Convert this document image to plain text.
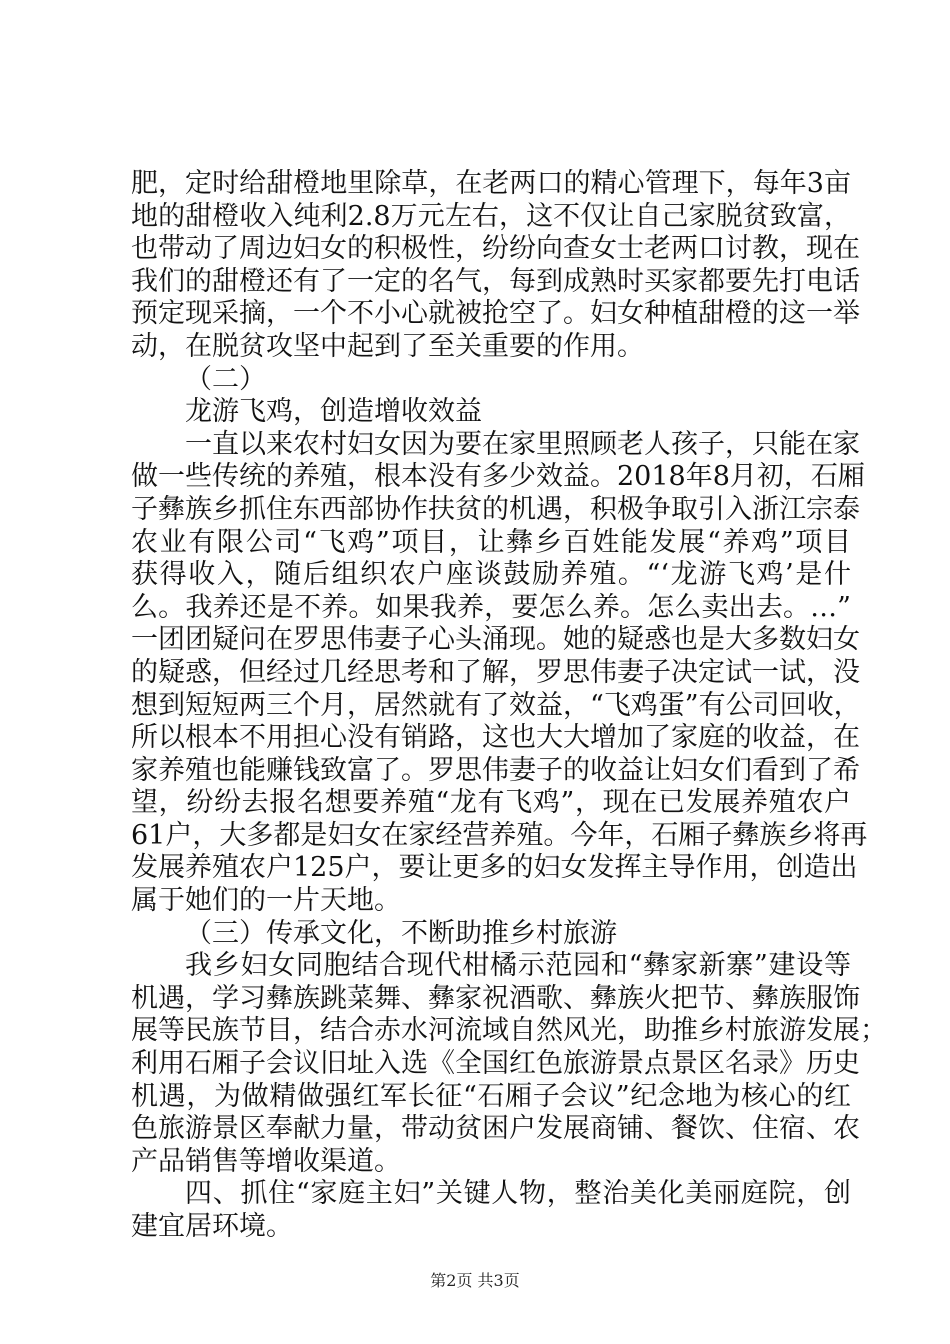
肥，定时给甜橙地里除草，在老两口的精心管理下，每年3亩
地的甜橙收入纯利2.8万元左右，这不仅让自己家脱贫致富，
也带动了周边妇女的积极性，纷纷向查女士老两口讨教，现在
我们的甜橙还有了一定的名气，每到成熟时买家都要先打电话
预定现采摘，一个不小心就被抢空了。妇女种植甜橙的这一举
动，在脱贫攻坚中起到了至关重要的作用。
（二）
龙游飞鸡，创造增收效益
一直以来农村妇女因为要在家里照顾老人孩子，只能在家
做一些传统的养殖，根本没有多少效益。2018年8月初，石厢
子彝族乡抓住东西部协作扶贫的机遇，积极争取引入浙江宗泰
农业有限公司“飞鸡”项目，让彝乡百姓能发展“养鸡”项目
获得收入，随后组织农户座谈鼓励养殖。“‘龙游飞鸡’是什
么。我养还是不养。如果我养，要怎么养。怎么卖出去。…”
一团团疑问在罗思伟妻子心头涌现。她的疑惑也是大多数妇女
的疑惑，但经过几经思考和了解，罗思伟妻子决定试一试，没
想到短短两三个月，居然就有了效益，“飞鸡蛋”有公司回收，
所以根本不用担心没有销路，这也大大增加了家庭的收益，在
家养殖也能赚钱致富了。罗思伟妻子的收益让妇女们看到了希
望，纷纷去报名想要养殖“龙有飞鸡”，现在已发展养殖农户
61户，大多都是妇女在家经营养殖。今年，石厢子彝族乡将再
发展养殖农户125户，要让更多的妇女发挥主导作用，创造出
属于她们的一片天地。
（三）传承文化，不断助推乡村旅游
我乡妇女同胞结合现代柑橘示范园和“彝家新寨”建设等
机遇，学习彝族跳菜舞、彝家祝酒歌、彝族火把节、彝族服饰
展等民族节目，结合赤水河流域自然风光，助推乡村旅游发展；
利用石厢子会议旧址入选《全国红色旅游景点景区名录》历史
机遇，为做精做强红军长征“石厢子会议”纪念地为核心的红
色旅游景区奉献力量，带动贫困户发展商铺、餐饮、住宿、农
产品销售等增收渠道。
四、抓住“家庭主妇”关键人物，整治美化美丽庭院，创
建宜居环境。
第2页 共3页
